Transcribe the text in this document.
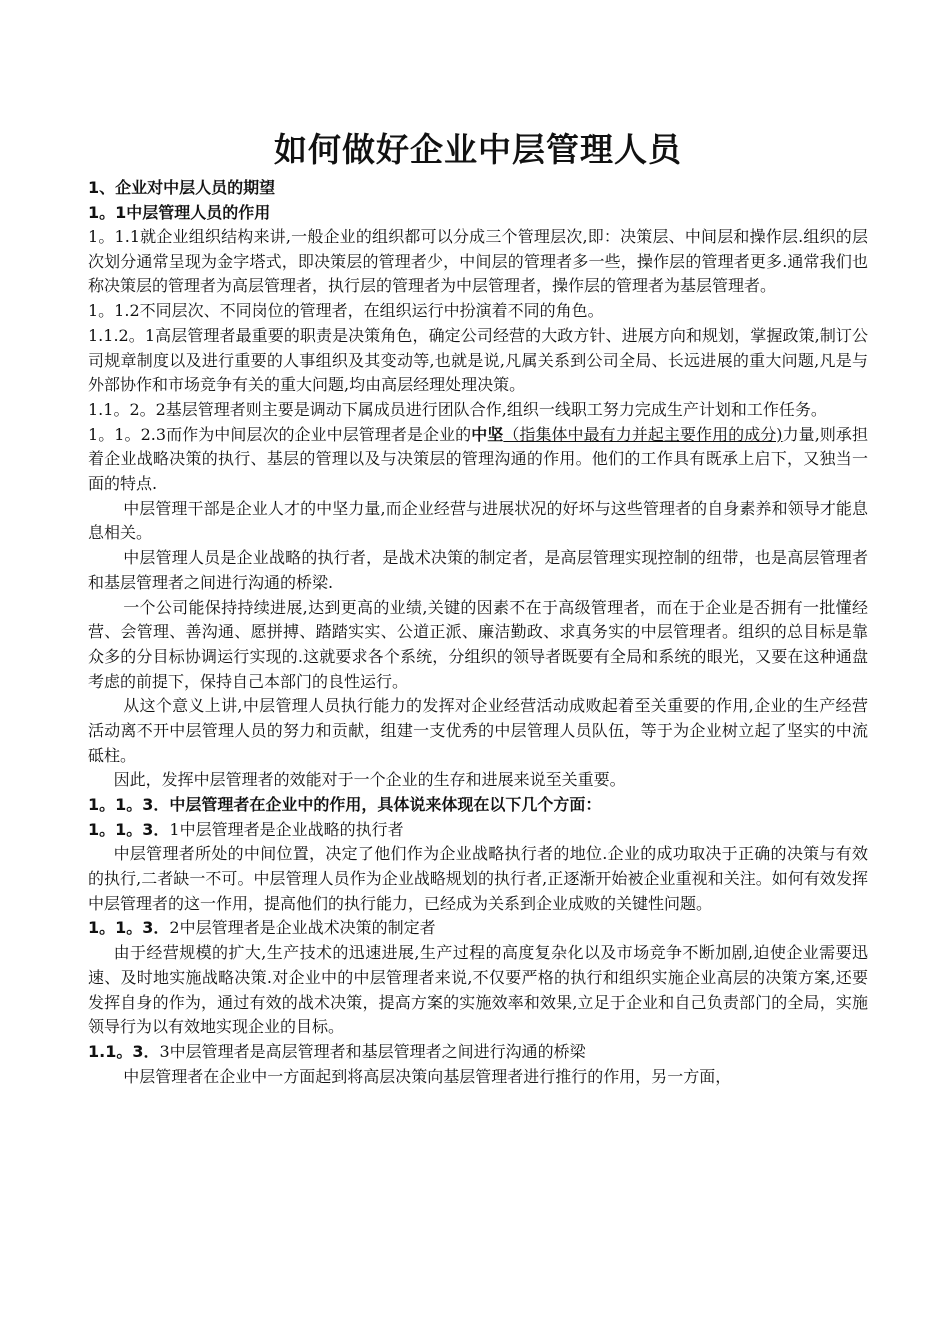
如何做好企业中层管理人员
1、企业对中层人员的期望
1。1中层管理人员的作用

1。1.1就企业组织结构来讲,一般企业的组织都可以分成三个管理层次,即：决策层、中间层和操作层.组织的层次划分通常呈现为金字塔式，即决策层的管理者少，中间层的管理者多一些，操作层的管理者更多.通常我们也称决策层的管理者为高层管理者，执行层的管理者为中层管理者，操作层的管理者为基层管理者。

1。1.2不同层次、不同岗位的管理者，在组织运行中扮演着不同的角色。

1.1.2。1高层管理者最重要的职责是决策角色，确定公司经营的大政方针、进展方向和规划，掌握政策,制订公司规章制度以及进行重要的人事组织及其变动等,也就是说,凡属关系到公司全局、长远进展的重大问题,凡是与外部协作和市场竞争有关的重大问题,均由高层经理处理决策。

1.1。2。2基层管理者则主要是调动下属成员进行团队合作,组织一线职工努力完成生产计划和工作任务。

1。1。2.3而作为中间层次的企业中层管理者是企业的中坚（指集体中最有力并起主要作用的成分)力量,则承担着企业战略决策的执行、基层的管理以及与决策层的管理沟通的作用。他们的工作具有既承上启下，又独当一面的特点.

中层管理干部是企业人才的中坚力量,而企业经营与进展状况的好坏与这些管理者的自身素养和领导才能息息相关。

中层管理人员是企业战略的执行者，是战术决策的制定者，是高层管理实现控制的纽带，也是高层管理者和基层管理者之间进行沟通的桥梁.

一个公司能保持持续进展,达到更高的业绩,关键的因素不在于高级管理者，而在于企业是否拥有一批懂经营、会管理、善沟通、愿拼搏、踏踏实实、公道正派、廉洁勤政、求真务实的中层管理者。组织的总目标是靠众多的分目标协调运行实现的.这就要求各个系统，分组织的领导者既要有全局和系统的眼光，又要在这种通盘考虑的前提下，保持自己本部门的良性运行。

从这个意义上讲,中层管理人员执行能力的发挥对企业经营活动成败起着至关重要的作用,企业的生产经营活动离不开中层管理人员的努力和贡献，组建一支优秀的中层管理人员队伍，等于为企业树立起了坚实的中流砥柱。

因此，发挥中层管理者的效能对于一个企业的生存和进展来说至关重要。

1。1。3．中层管理者在企业中的作用，具体说来体现在以下几个方面：

1。1。3．1中层管理者是企业战略的执行者

中层管理者所处的中间位置，决定了他们作为企业战略执行者的地位.企业的成功取决于正确的决策与有效的执行,二者缺一不可。中层管理人员作为企业战略规划的执行者,正逐渐开始被企业重视和关注。如何有效发挥中层管理者的这一作用，提高他们的执行能力，已经成为关系到企业成败的关键性问题。

1。1。3．2中层管理者是企业战术决策的制定者

由于经营规模的扩大,生产技术的迅速进展,生产过程的高度复杂化以及市场竞争不断加剧,迫使企业需要迅速、及时地实施战略决策.对企业中的中层管理者来说,不仅要严格的执行和组织实施企业高层的决策方案,还要发挥自身的作为，通过有效的战术决策，提高方案的实施效率和效果,立足于企业和自己负责部门的全局，实施领导行为以有效地实现企业的目标。

1.1。3．3中层管理者是高层管理者和基层管理者之间进行沟通的桥梁

中层管理者在企业中一方面起到将高层决策向基层管理者进行推行的作用，另一方面，
